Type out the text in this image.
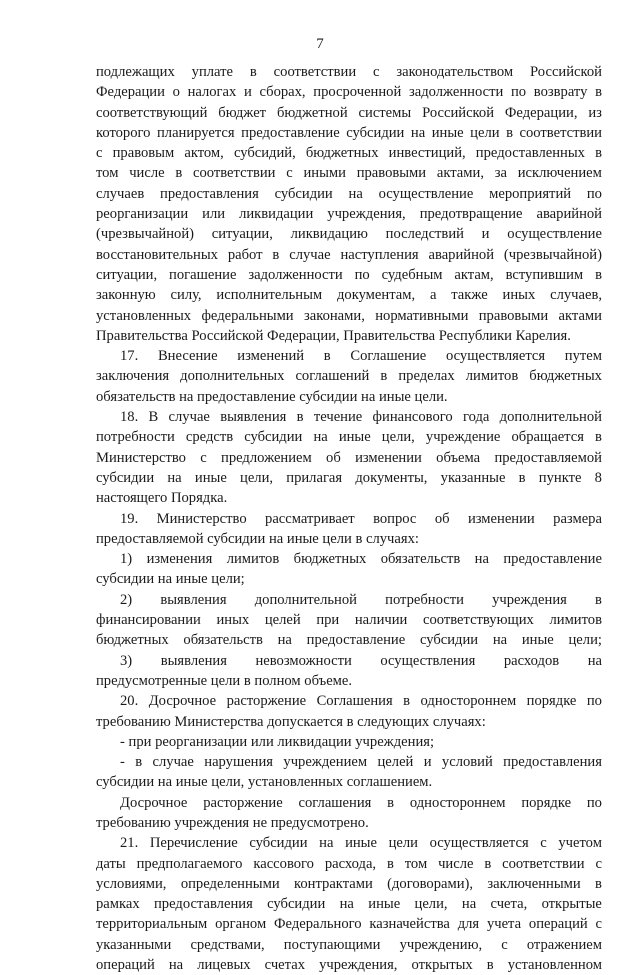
7
подлежащих уплате в соответствии с законодательством Российской
Федерации о налогах и сборах, просроченной задолженности по возврату в
соответствующий бюджет бюджетной системы Российской Федерации, из
которого планируется предоставление субсидии на иные цели в соответствии
с правовым актом, субсидий, бюджетных инвестиций, предоставленных в
том числе в соответствии с иными правовыми актами, за исключением
случаев предоставления субсидии на осуществление мероприятий по
реорганизации или ликвидации учреждения, предотвращение аварийной
(чрезвычайной) ситуации, ликвидацию последствий и осуществление
восстановительных работ в случае наступления аварийной (чрезвычайной)
ситуации, погашение задолженности по судебным актам, вступившим в
законную силу, исполнительным документам, а также иных случаев,
установленных федеральными законами, нормативными правовыми актами
Правительства Российской Федерации, Правительства Республики Карелия.
17. Внесение изменений в Соглашение осуществляется путем
заключения дополнительных соглашений в пределах лимитов бюджетных
обязательств на предоставление субсидии на иные цели.
18. В случае выявления в течение финансового года дополнительной
потребности средств субсидии на иные цели, учреждение обращается в
Министерство с предложением об изменении объема предоставляемой
субсидии на иные цели, прилагая документы, указанные в пункте 8
настоящего Порядка.
19. Министерство рассматривает вопрос об изменении размера
предоставляемой субсидии на иные цели в случаях:
1) изменения лимитов бюджетных обязательств на предоставление
субсидии на иные цели;
2) выявления дополнительной потребности учреждения в
финансировании иных целей при наличии соответствующих лимитов
бюджетных обязательств на предоставление субсидии на иные цели;
3) выявления невозможности осуществления расходов на
предусмотренные цели в полном объеме.
20. Досрочное расторжение Соглашения в одностороннем порядке по
требованию Министерства допускается в следующих случаях:
- при реорганизации или ликвидации учреждения;
- в случае нарушения учреждением целей и условий предоставления
субсидии на иные цели, установленных соглашением.
Досрочное расторжение соглашения в одностороннем порядке по
требованию учреждения не предусмотрено.
21. Перечисление субсидии на иные цели осуществляется с учетом
даты предполагаемого кассового расхода, в том числе в соответствии с
условиями, определенными контрактами (договорами), заключенными в
рамках предоставления субсидии на иные цели, на счета, открытые
территориальным органом Федерального казначейства для учета операций с
указанными средствами, поступающими учреждению, с отражением
операций на лицевых счетах учреждения, открытых в установленном
